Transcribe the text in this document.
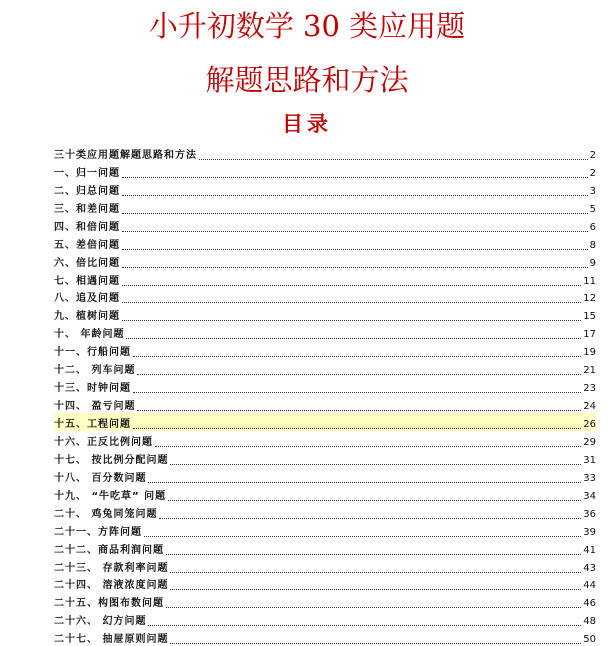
小升初数学 30 类应用题
解题思路和方法
目录
三十类应用题解题思路和方法	2
一、归一问题	2
二、归总问题	3
三、和差问题	5
四、和倍问题	6
五、差倍问题	8
六、倍比问题	9
七、相遇问题	11
八、追及问题	12
九、植树问题	15
十、 年龄问题	17
十一、行船问题	19
十二、 列车问题	21
十三、时钟问题	23
十四、 盈亏问题	24
十五、工程问题	26
十六、正反比例问题	29
十七、 按比例分配问题	31
十八、 百分数问题	33
十九、 “牛吃草” 问题	34
二十、 鸡兔同笼问题	36
二十一、方阵问题	39
二十二、商品利润问题	41
二十三、 存款利率问题	43
二十四、 溶液浓度问题	44
二十五、构图布数问题	46
二十六、 幻方问题	48
二十七、 抽屉原则问题	50
